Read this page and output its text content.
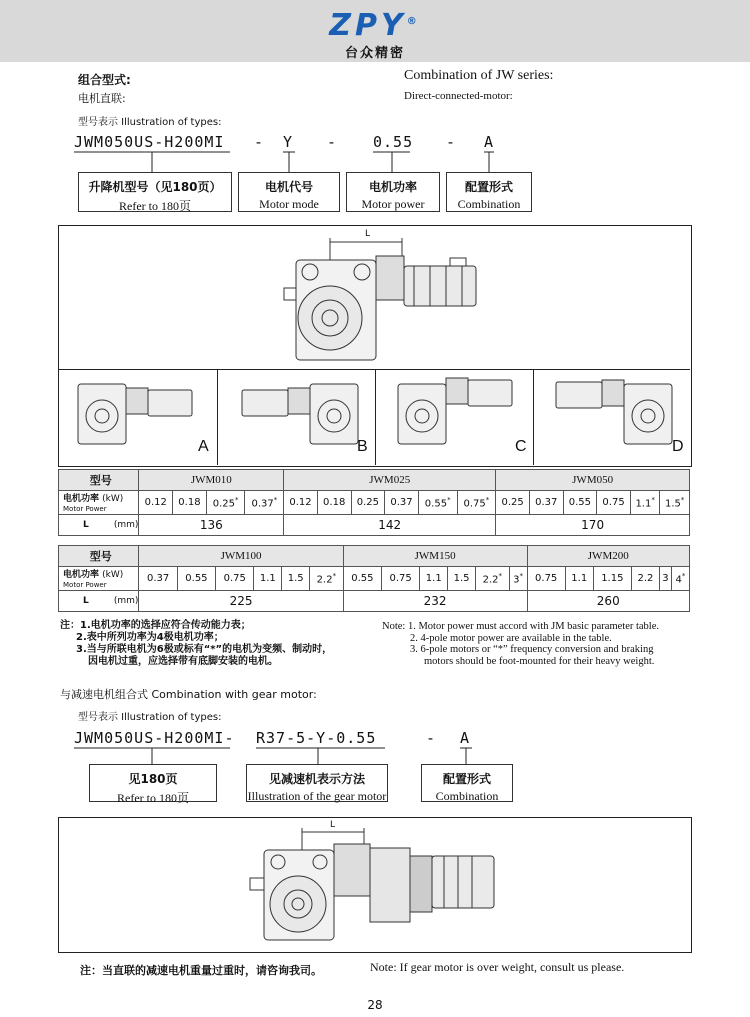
ZPY®
台众精密
组合型式:
电机直联:
Combination of JW series:
Direct-connected-motor:
型号表示 Illustration of types:
JWM050US-H200MI - Y - 0.55 - A
升降机型号（见180页）
Refer to 180页
电机代号
Motor mode
电机功率
Motor power
配置形式
Combination
L
A	B	C	D
型号	JWM010				JWM025						JWM050					
电机功率 (kW)
Motor Power	0.12	0.18	0.25*	0.37*	0.12	0.18	0.25	0.37	0.55*	0.75*	0.25	0.37	0.55	0.75	1.1*	1.5*
L (mm)	136				142						170					
型号	JWM100						JWM150						JWM200					
电机功率 (kW)
Motor Power	0.37	0.55	0.75	1.1	1.5	2.2*	0.55	0.75	1.1	1.5	2.2*	3*	0.75	1.1	1.15	2.2	3	4*
L (mm)	225						232						260					
注：1.电机功率的选择应符合传动能力表；
2.表中所列功率为4极电机功率；
3.当与所联电机为6极或标有“*”的电机为变频、制动时，
因电机过重，应选择带有底脚安装的电机。
Note: 1. Motor power must accord with JM basic parameter table.
2. 4-pole motor power are available in the table.
3. 6-pole motors or “*” frequency conversion and braking
motors should be foot-mounted for their heavy weight.
与减速电机组合式 Combination with gear motor:
型号表示 Illustration of types:
JWM050US-H200MI- R37-5-Y-0.55	- A
见180页
Refer to 180页
见减速机表示方法
Illustration of the gear motor
配置形式
Combination
L
注：当直联的减速电机重量过重时，请咨询我司。	Note: If gear motor is over weight, consult us please.
28
